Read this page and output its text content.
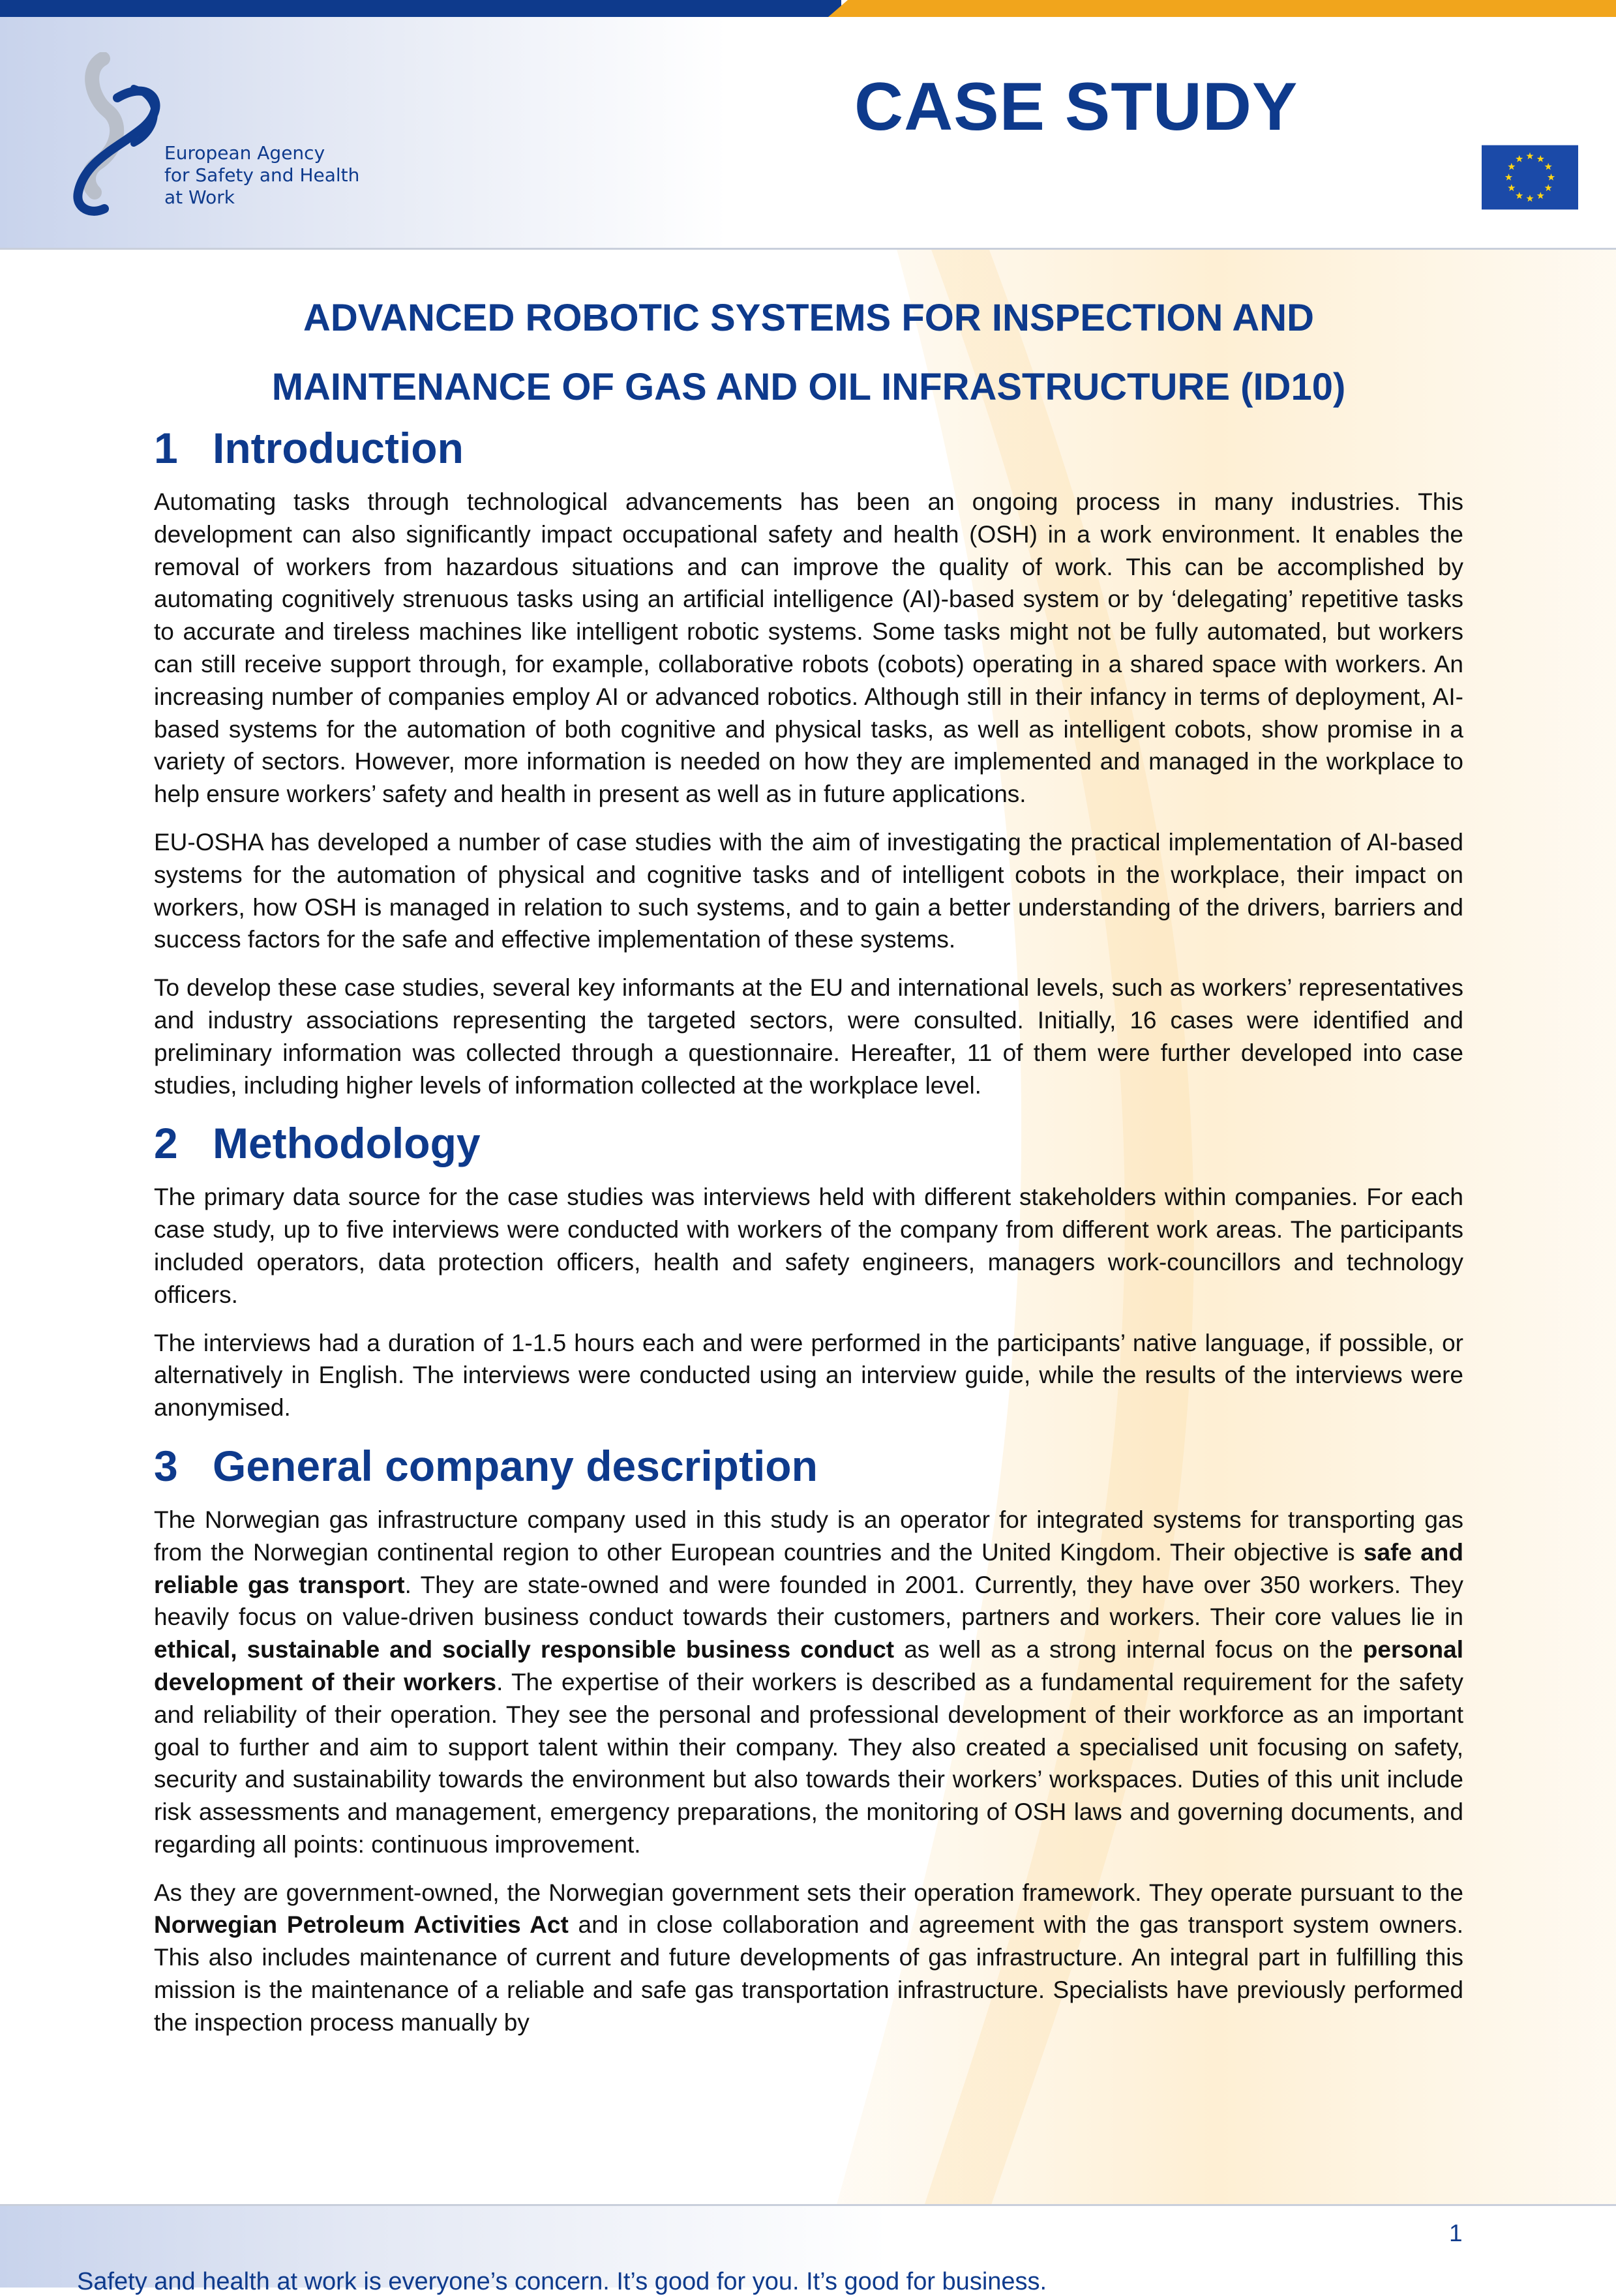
European Agency
for Safety and Health
at Work
CASE STUDY
ADVANCED ROBOTIC SYSTEMS FOR INSPECTION AND
MAINTENANCE OF GAS AND OIL INFRASTRUCTURE (ID10)
1 Introduction

Automating tasks through technological advancements has been an ongoing process in many industries. This development can also significantly impact occupational safety and health (OSH) in a work environment. It enables the removal of workers from hazardous situations and can improve the quality of work. This can be accomplished by automating cognitively strenuous tasks using an artificial intelligence (AI)-based system or by ‘delegating’ repetitive tasks to accurate and tireless machines like intelligent robotic systems. Some tasks might not be fully automated, but workers can still receive support through, for example, collaborative robots (cobots) operating in a shared space with workers. An increasing number of companies employ AI or advanced robotics. Although still in their infancy in terms of deployment, AI-based systems for the automation of both cognitive and physical tasks, as well as intelligent cobots, show promise in a variety of sectors. However, more information is needed on how they are implemented and managed in the workplace to help ensure workers’ safety and health in present as well as in future applications.

EU-OSHA has developed a number of case studies with the aim of investigating the practical implementation of AI-based systems for the automation of physical and cognitive tasks and of intelligent cobots in the workplace, their impact on workers, how OSH is managed in relation to such systems, and to gain a better understanding of the drivers, barriers and success factors for the safe and effective implementation of these systems.

To develop these case studies, several key informants at the EU and international levels, such as workers’ representatives and industry associations representing the targeted sectors, were consulted. Initially, 16 cases were identified and preliminary information was collected through a questionnaire. Hereafter, 11 of them were further developed into case studies, including higher levels of information collected at the workplace level.

2 Methodology

The primary data source for the case studies was interviews held with different stakeholders within companies. For each case study, up to five interviews were conducted with workers of the company from different work areas. The participants included operators, data protection officers, health and safety engineers, managers work-councillors and technology officers.

The interviews had a duration of 1-1.5 hours each and were performed in the participants’ native language, if possible, or alternatively in English. The interviews were conducted using an interview guide, while the results of the interviews were anonymised.

3 General company description

The Norwegian gas infrastructure company used in this study is an operator for integrated systems for transporting gas from the Norwegian continental region to other European countries and the United Kingdom. Their objective is safe and reliable gas transport. They are state-owned and were founded in 2001. Currently, they have over 350 workers. They heavily focus on value-driven business conduct towards their customers, partners and workers. Their core values lie in ethical, sustainable and socially responsible business conduct as well as a strong internal focus on the personal development of their workers. The expertise of their workers is described as a fundamental requirement for the safety and reliability of their operation. They see the personal and professional development of their workforce as an important goal to further and aim to support talent within their company. They also created a specialised unit focusing on safety, security and sustainability towards the environment but also towards their workers’ workspaces. Duties of this unit include risk assessments and management, emergency preparations, the monitoring of OSH laws and governing documents, and regarding all points: continuous improvement.

As they are government-owned, the Norwegian government sets their operation framework. They operate pursuant to the Norwegian Petroleum Activities Act and in close collaboration and agreement with the gas transport system owners. This also includes maintenance of current and future developments of gas infrastructure. An integral part in fulfilling this mission is the maintenance of a reliable and safe gas transportation infrastructure. Specialists have previously performed the inspection process manually by

Safety and health at work is everyone’s concern. It’s good for you. It’s good for business.
1
